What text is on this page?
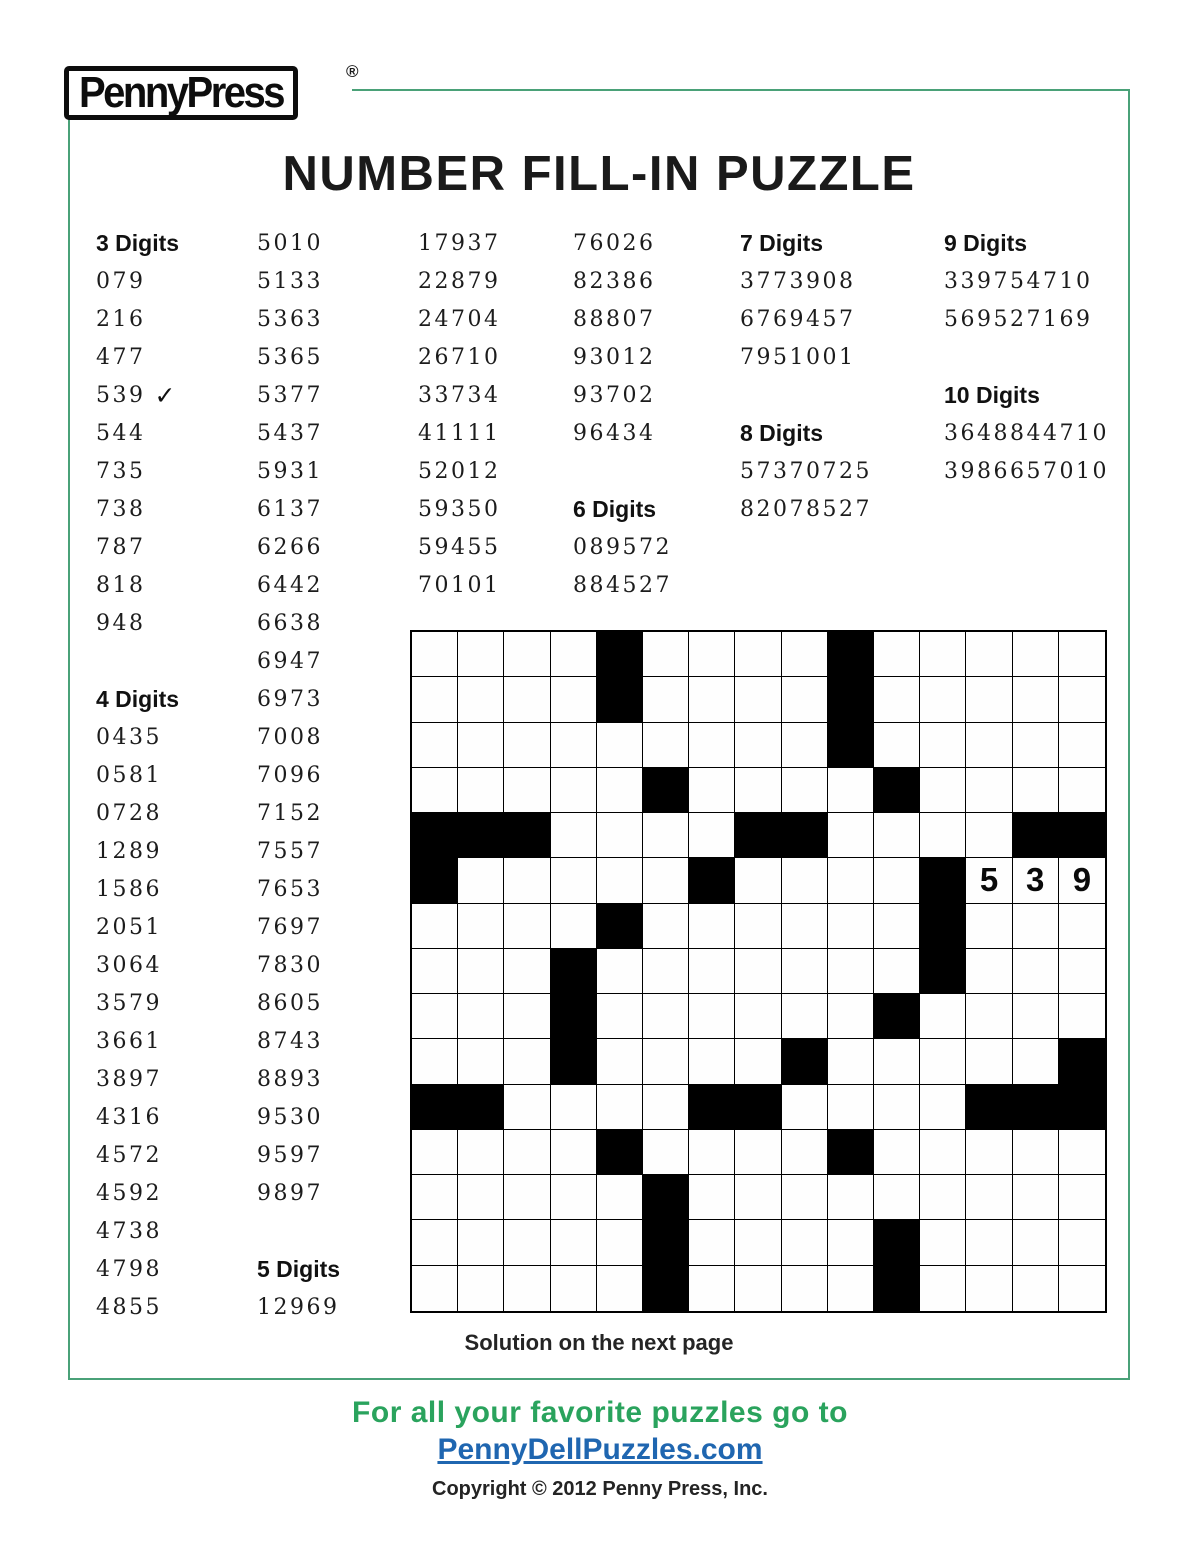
PennyPress	®
NUMBER FILL-IN PUZZLE
3 Digits
079
216
477
539 ✓
544
735
738
787
818
948
4 Digits
0435
0581
0728
1289
1586
2051
3064
3579
3661
3897
4316
4572
4592
4738
4798
4855
5010
5133
5363
5365
5377
5437
5931
6137
6266
6442
6638
6947
6973
7008
7096
7152
7557
7653
7697
7830
8605
8743
8893
9530
9597
9897
5 Digits
12969
17937
22879
24704
26710
33734
41111
52012
59350
59455
70101
76026
82386
88807
93012
93702
96434
6 Digits
089572
884527
7 Digits
3773908
6769457
7951001
8 Digits
57370725
82078527
9 Digits
339754710
569527169
10 Digits
3648844710
3986657010
5 3 9
Solution on the next page
For all your favorite puzzles go to
PennyDellPuzzles.com
Copyright © 2012 Penny Press, Inc.
